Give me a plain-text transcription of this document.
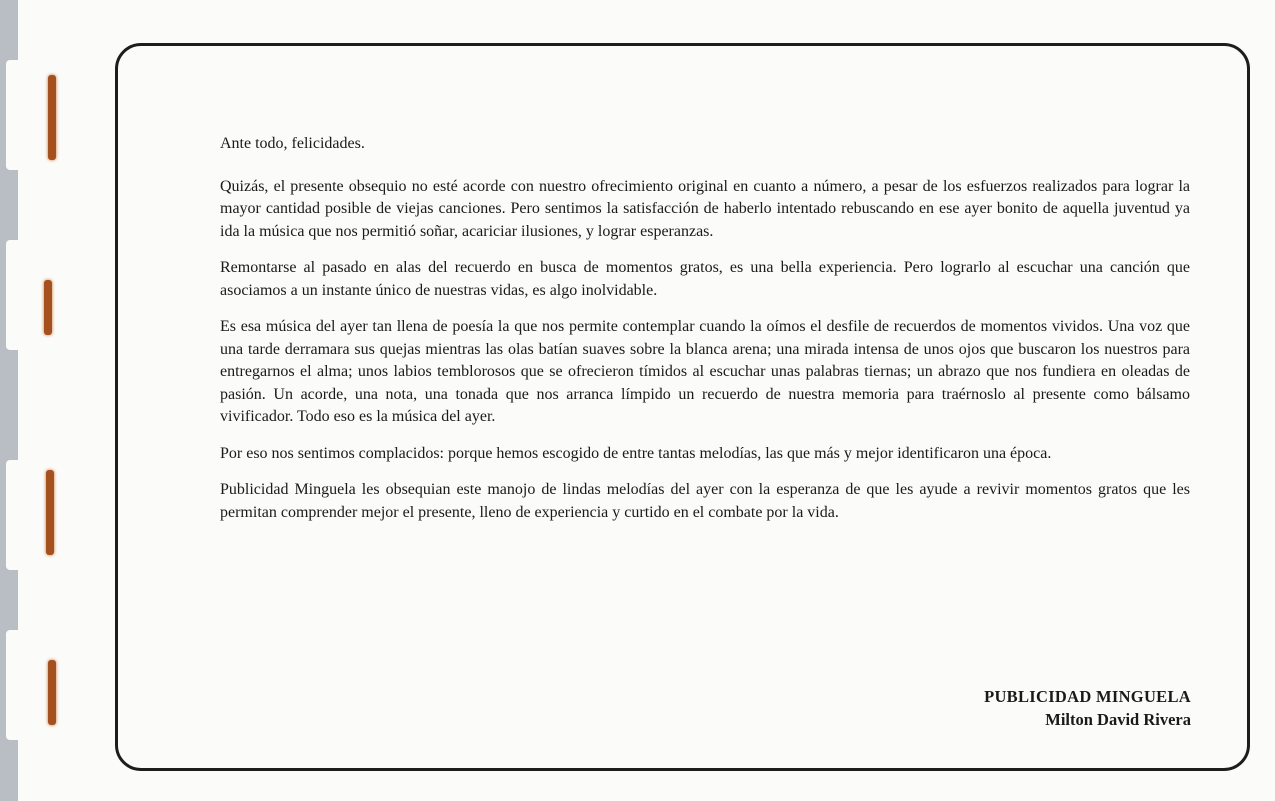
Ante todo, felicidades.

Quizás, el presente obsequio no esté acorde con nuestro ofrecimiento original en cuanto a número, a pesar de los esfuerzos realizados para lograr la mayor cantidad posible de viejas canciones. Pero sentimos la satisfacción de haberlo intentado rebuscando en ese ayer bonito de aquella juventud ya ida la música que nos permitió soñar, acariciar ilusiones, y lograr esperanzas.

Remontarse al pasado en alas del recuerdo en busca de momentos gratos, es una bella experiencia. Pero lograrlo al escuchar una canción que asociamos a un instante único de nuestras vidas, es algo inolvidable.

Es esa música del ayer tan llena de poesía la que nos permite contemplar cuando la oímos el desfile de recuerdos de momentos vividos. Una voz que una tarde derramara sus quejas mientras las olas batían suaves sobre la blanca arena; una mirada intensa de unos ojos que buscaron los nuestros para entregarnos el alma; unos labios temblorosos que se ofrecieron tímidos al escuchar unas palabras tiernas; un abrazo que nos fundiera en oleadas de pasión. Un acorde, una nota, una tonada que nos arranca límpido un recuerdo de nuestra memoria para traérnoslo al presente como bálsamo vivificador. Todo eso es la música del ayer.

Por eso nos sentimos complacidos: porque hemos escogido de entre tantas melodías, las que más y mejor identificaron una época.

Publicidad Minguela les obsequian este manojo de lindas melodías del ayer con la esperanza de que les ayude a revivir momentos gratos que les permitan comprender mejor el presente, lleno de experiencia y curtido en el combate por la vida.

PUBLICIDAD MINGUELA
Milton David Rivera
